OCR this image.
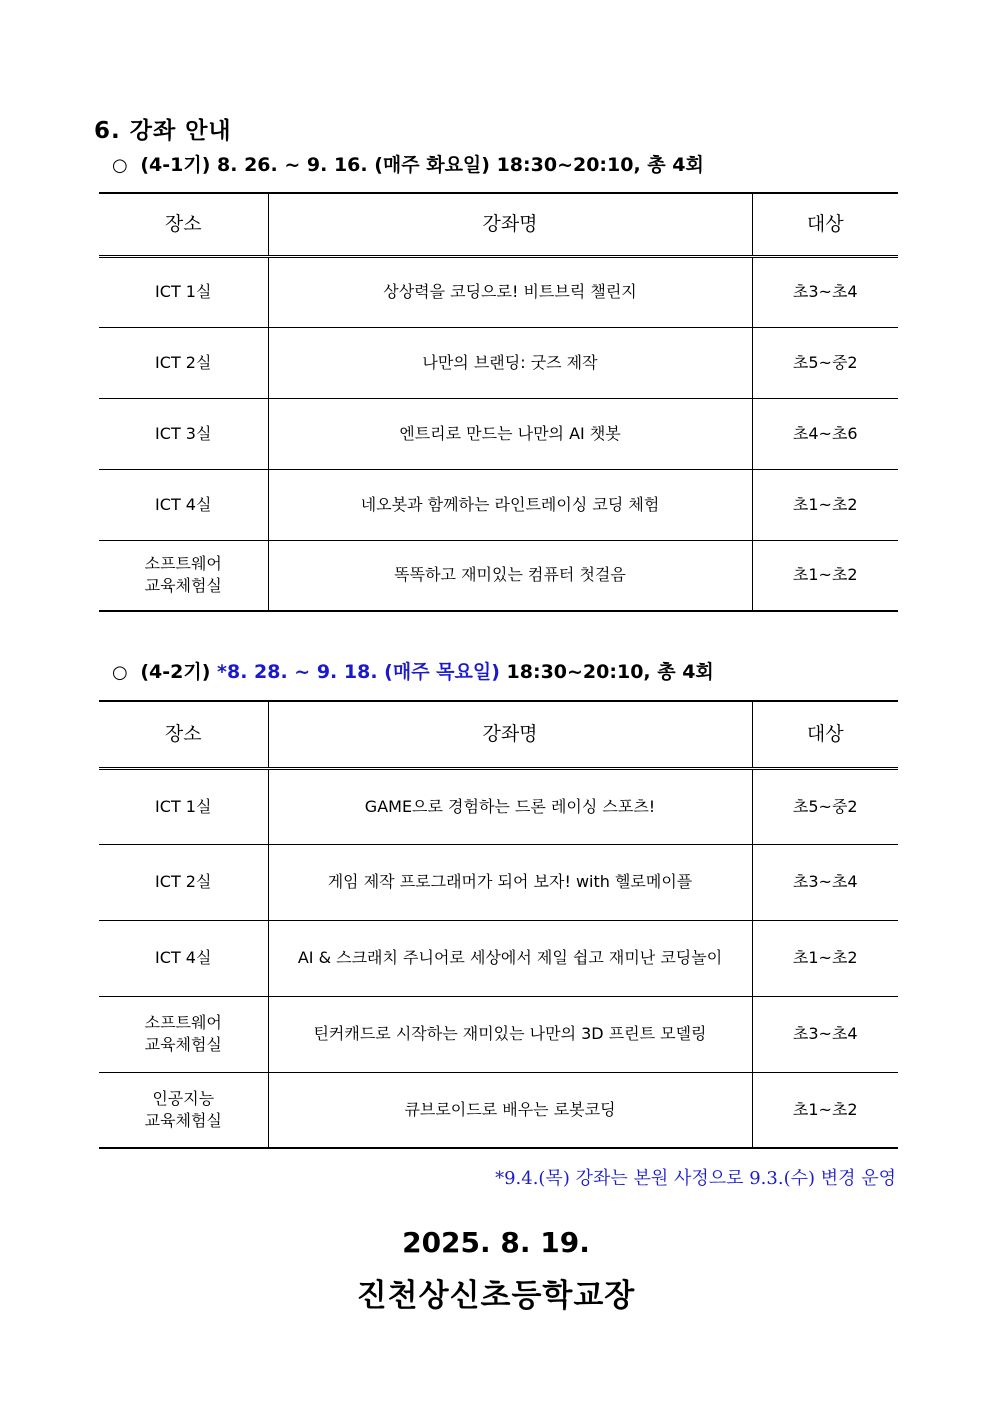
6. 강좌 안내
○ (4-1기) 8. 26. ~ 9. 16. (매주 화요일) 18:30~20:10, 총 4회
장소	강좌명	대상
ICT 1실	상상력을 코딩으로! 비트브릭 챌린지	초3~초4
ICT 2실	나만의 브랜딩: 굿즈 제작	초5~중2
ICT 3실	엔트리로 만드는 나만의 AI 챗봇	초4~초6
ICT 4실	네오봇과 함께하는 라인트레이싱 코딩 체험	초1~초2
소프트웨어
교육체험실	똑똑하고 재미있는 컴퓨터 첫걸음	초1~초2
○ (4-2기) *8. 28. ~ 9. 18. (매주 목요일) 18:30~20:10, 총 4회
장소	강좌명	대상
ICT 1실	GAME으로 경험하는 드론 레이싱 스포츠!	초5~중2
ICT 2실	게임 제작 프로그래머가 되어 보자! with 헬로메이플	초3~초4
ICT 4실	AI & 스크래치 주니어로 세상에서 제일 쉽고 재미난 코딩놀이	초1~초2
소프트웨어
교육체험실	틴커캐드로 시작하는 재미있는 나만의 3D 프린트 모델링	초3~초4
인공지능
교육체험실	큐브로이드로 배우는 로봇코딩	초1~초2
*9.4.(목) 강좌는 본원 사정으로 9.3.(수) 변경 운영
2025. 8. 19.
진천상신초등학교장
